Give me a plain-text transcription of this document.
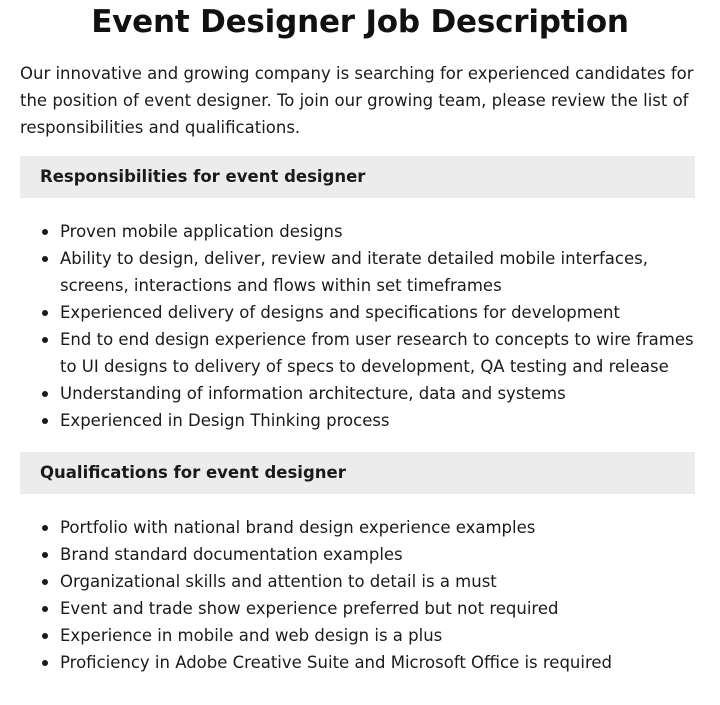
Event Designer Job Description

Our innovative and growing company is searching for experienced candidates for the position of event designer. To join our growing team, please review the list of responsibilities and qualifications.

Responsibilities for event designer
Proven mobile application designs
Ability to design, deliver, review and iterate detailed mobile interfaces, screens, interactions and flows within set timeframes
Experienced delivery of designs and specifications for development
End to end design experience from user research to concepts to wire frames to UI designs to delivery of specs to development, QA testing and release
Understanding of information architecture, data and systems
Experienced in Design Thinking process
Qualifications for event designer
Portfolio with national brand design experience examples
Brand standard documentation examples
Organizational skills and attention to detail is a must
Event and trade show experience preferred but not required
Experience in mobile and web design is a plus
Proficiency in Adobe Creative Suite and Microsoft Office is required
